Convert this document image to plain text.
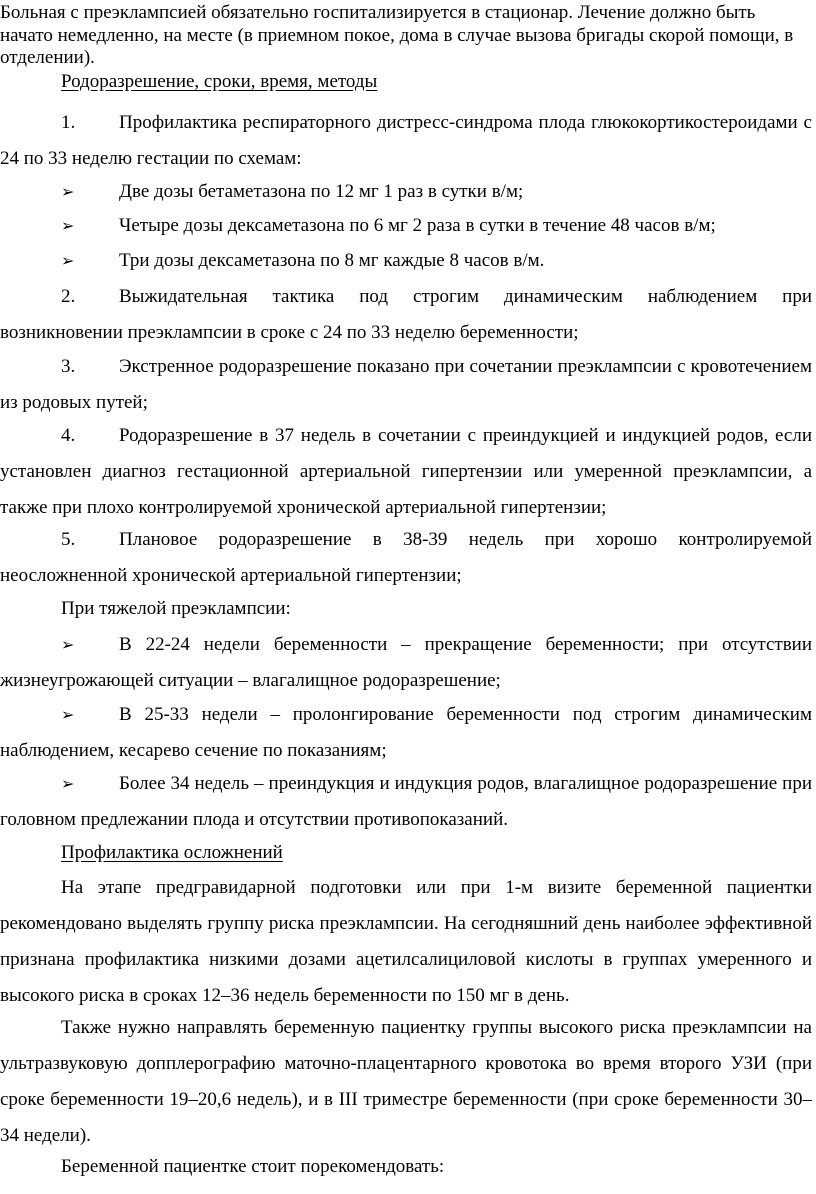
Больная с преэклампсией обязательно госпитализируется в стационар. Лечение должно быть начато немедленно, на месте (в приемном покое, дома в случае вызова бригады скорой помощи, в отделении).
Родоразрешение, сроки, время, методы
1. Профилактика респираторного дистресс-синдрома плода глюкокортикостероидами с 24 по 33 неделю гестации по схемам:
➢ Две дозы бетаметазона по 12 мг 1 раз в сутки в/м;
➢ Четыре дозы дексаметазона по 6 мг 2 раза в сутки в течение 48 часов в/м;
➢ Три дозы дексаметазона по 8 мг каждые 8 часов в/м.
2. Выжидательная тактика под строгим динамическим наблюдением при возникновении преэклампсии в сроке с 24 по 33 неделю беременности;
3. Экстренное родоразрешение показано при сочетании преэклампсии с кровотечением из родовых путей;
4. Родоразрешение в 37 недель в сочетании с преиндукцией и индукцией родов, если установлен диагноз гестационной артериальной гипертензии или умеренной преэклампсии, а также при плохо контролируемой хронической артериальной гипертензии;
5. Плановое родоразрешение в 38-39 недель при хорошо контролируемой неосложненной хронической артериальной гипертензии;
При тяжелой преэклампсии:
➢ В 22-24 недели беременности – прекращение беременности; при отсутствии жизнеугрожающей ситуации – влагалищное родоразрешение;
➢ В 25-33 недели – пролонгирование беременности под строгим динамическим наблюдением, кесарево сечение по показаниям;
➢ Более 34 недель – преиндукция и индукция родов, влагалищное родоразрешение при головном предлежании плода и отсутствии противопоказаний.
Профилактика осложнений
На этапе предгравидарной подготовки или при 1-м визите беременной пациентки рекомендовано выделять группу риска преэклампсии. На сегодняшний день наиболее эффективной признана профилактика низкими дозами ацетилсалициловой кислоты в группах умеренного и высокого риска в сроках 12–36 недель беременности по 150 мг в день.
Также нужно направлять беременную пациентку группы высокого риска преэклампсии на ультразвуковую допплерографию маточно-плацентарного кровотока во время второго УЗИ (при сроке беременности 19–20,6 недель), и в III триместре беременности (при сроке беременности 30–34 недели).
Беременной пациентке стоит порекомендовать:
